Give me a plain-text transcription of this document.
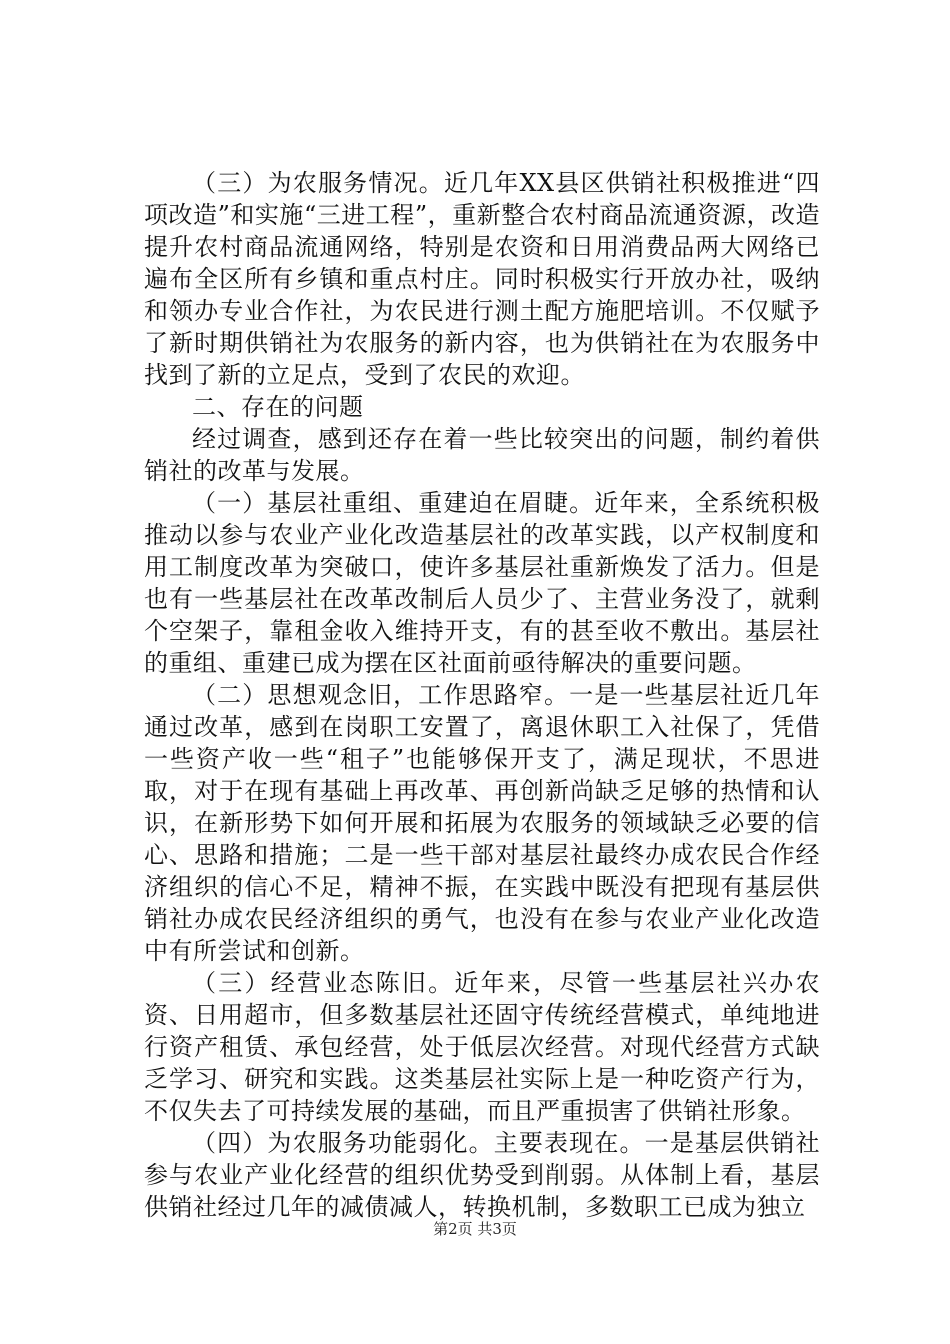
（三）为农服务情况。近几年XX县区供销社积极推进“四项改造”和实施“三进工程”，重新整合农村商品流通资源，改造提升农村商品流通网络，特别是农资和日用消费品两大网络已遍布全区所有乡镇和重点村庄。同时积极实行开放办社，吸纳和领办专业合作社，为农民进行测土配方施肥培训。不仅赋予了新时期供销社为农服务的新内容，也为供销社在为农服务中找到了新的立足点，受到了农民的欢迎。

二、存在的问题

经过调查，感到还存在着一些比较突出的问题，制约着供销社的改革与发展。

（一）基层社重组、重建迫在眉睫。近年来，全系统积极推动以参与农业产业化改造基层社的改革实践，以产权制度和用工制度改革为突破口，使许多基层社重新焕发了活力。但是也有一些基层社在改革改制后人员少了、主营业务没了，就剩个空架子，靠租金收入维持开支，有的甚至收不敷出。基层社的重组、重建已成为摆在区社面前亟待解决的重要问题。

（二）思想观念旧，工作思路窄。一是一些基层社近几年通过改革，感到在岗职工安置了，离退休职工入社保了，凭借一些资产收一些“租子”也能够保开支了，满足现状，不思进取，对于在现有基础上再改革、再创新尚缺乏足够的热情和认识，在新形势下如何开展和拓展为农服务的领域缺乏必要的信心、思路和措施；二是一些干部对基层社最终办成农民合作经济组织的信心不足，精神不振，在实践中既没有把现有基层供销社办成农民经济组织的勇气，也没有在参与农业产业化改造中有所尝试和创新。

（三）经营业态陈旧。近年来，尽管一些基层社兴办农资、日用超市，但多数基层社还固守传统经营模式，单纯地进行资产租赁、承包经营，处于低层次经营。对现代经营方式缺乏学习、研究和实践。这类基层社实际上是一种吃资产行为，不仅失去了可持续发展的基础，而且严重损害了供销社形象。

（四）为农服务功能弱化。主要表现在。一是基层供销社参与农业产业化经营的组织优势受到削弱。从体制上看，基层供销社经过几年的减债减人，转换机制，多数职工已成为独立

第2页 共3页
